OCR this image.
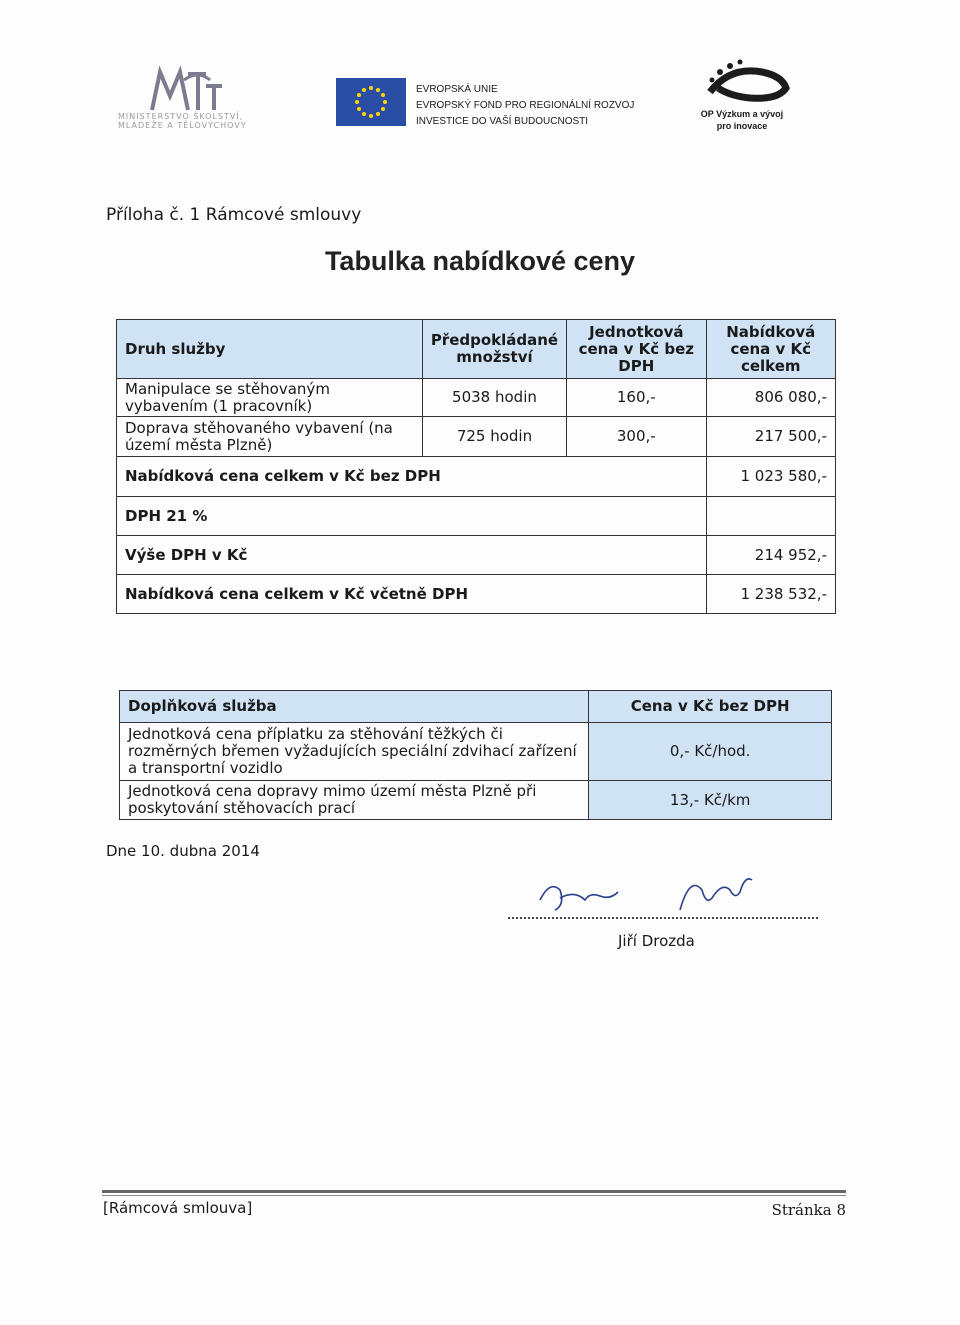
MINISTERSTVO ŠKOLSTVÍ, MLÁDEŽE A TĚLOVÝCHOVY
EVROPSKÁ UNIE
EVROPSKÝ FOND PRO REGIONÁLNÍ ROZVOJ
INVESTICE DO VAŠÍ BUDOUCNOSTI
2007-13
OP Výzkum a vývoj
pro inovace
Příloha č. 1 Rámcové smlouvy
Tabulka nabídkové ceny
Druh služby	Předpokládané množství	Jednotková cena v Kč bez DPH	Nabídková cena v Kč celkem
Manipulace se stěhovaným vybavením (1 pracovník)	5038 hodin	160,-	806 080,-
Doprava stěhovaného vybavení (na území města Plzně)	725 hodin	300,-	217 500,-
Nabídková cena celkem v Kč bez DPH			1 023 580,-
DPH 21 %			
Výše DPH v Kč			214 952,-
Nabídková cena celkem v Kč včetně DPH			1 238 532,-
Doplňková služba	Cena v Kč bez DPH
Jednotková cena příplatku za stěhování těžkých či rozměrných břemen vyžadujících speciální zdvihací zařízení a transportní vozidlo	0,- Kč/hod.
Jednotková cena dopravy mimo území města Plzně při poskytování stěhovacích prací	13,- Kč/km
Dne 10. dubna 2014
Jiří Drozda
[Rámcová smlouva]	Stránka 8
